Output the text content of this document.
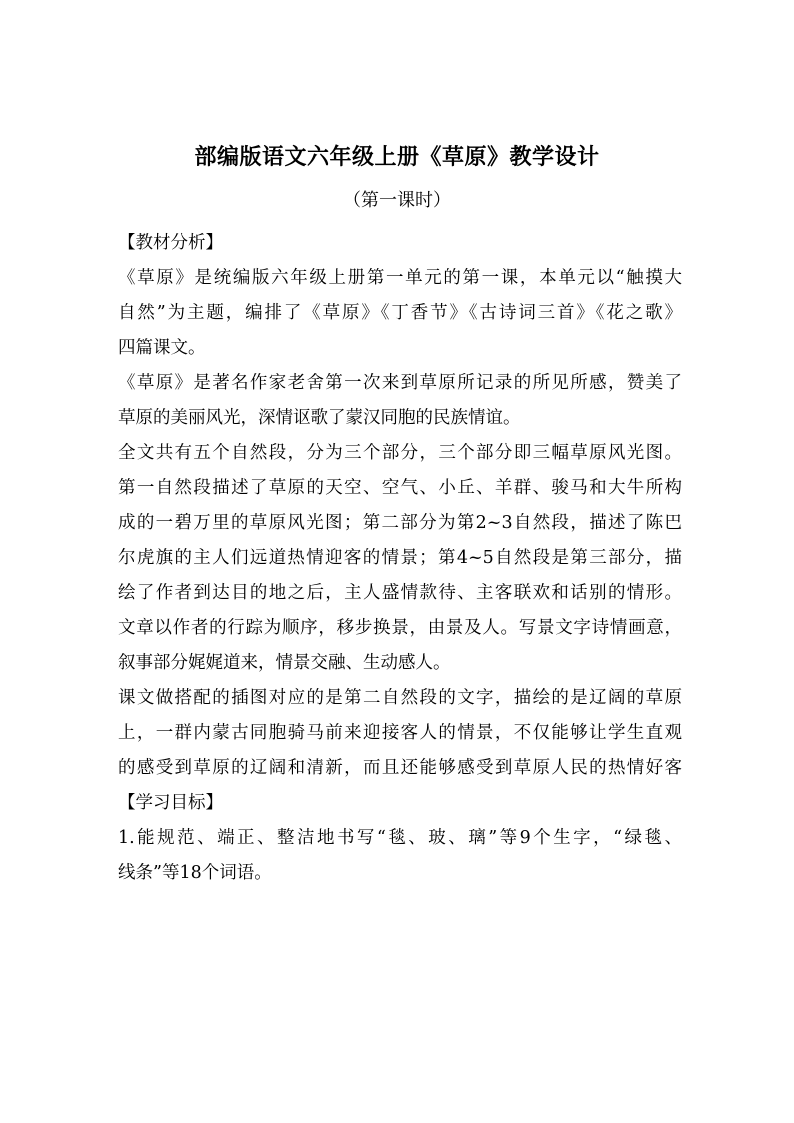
部编版语文六年级上册《草原》教学设计
（第一课时）
【教材分析】
《草原》是统编版六年级上册第一单元的第一课，本单元以“触摸大
自然”为主题，编排了《草原》《丁香节》《古诗词三首》《花之歌》
四篇课文。
《草原》是著名作家老舍第一次来到草原所记录的所见所感，赞美了
草原的美丽风光，深情讴歌了蒙汉同胞的民族情谊。
全文共有五个自然段，分为三个部分，三个部分即三幅草原风光图。
第一自然段描述了草原的天空、空气、小丘、羊群、骏马和大牛所构
成的一碧万里的草原风光图；第二部分为第2~3自然段，描述了陈巴
尔虎旗的主人们远道热情迎客的情景；第4~5自然段是第三部分，描
绘了作者到达目的地之后，主人盛情款待、主客联欢和话别的情形。
文章以作者的行踪为顺序，移步换景，由景及人。写景文字诗情画意，
叙事部分娓娓道来，情景交融、生动感人。
课文做搭配的插图对应的是第二自然段的文字，描绘的是辽阔的草原
上，一群内蒙古同胞骑马前来迎接客人的情景，不仅能够让学生直观
的感受到草原的辽阔和清新，而且还能够感受到草原人民的热情好客
【学习目标】
1.能规范、端正、整洁地书写“毯、玻、璃”等9个生字，“绿毯、
线条”等18个词语。
